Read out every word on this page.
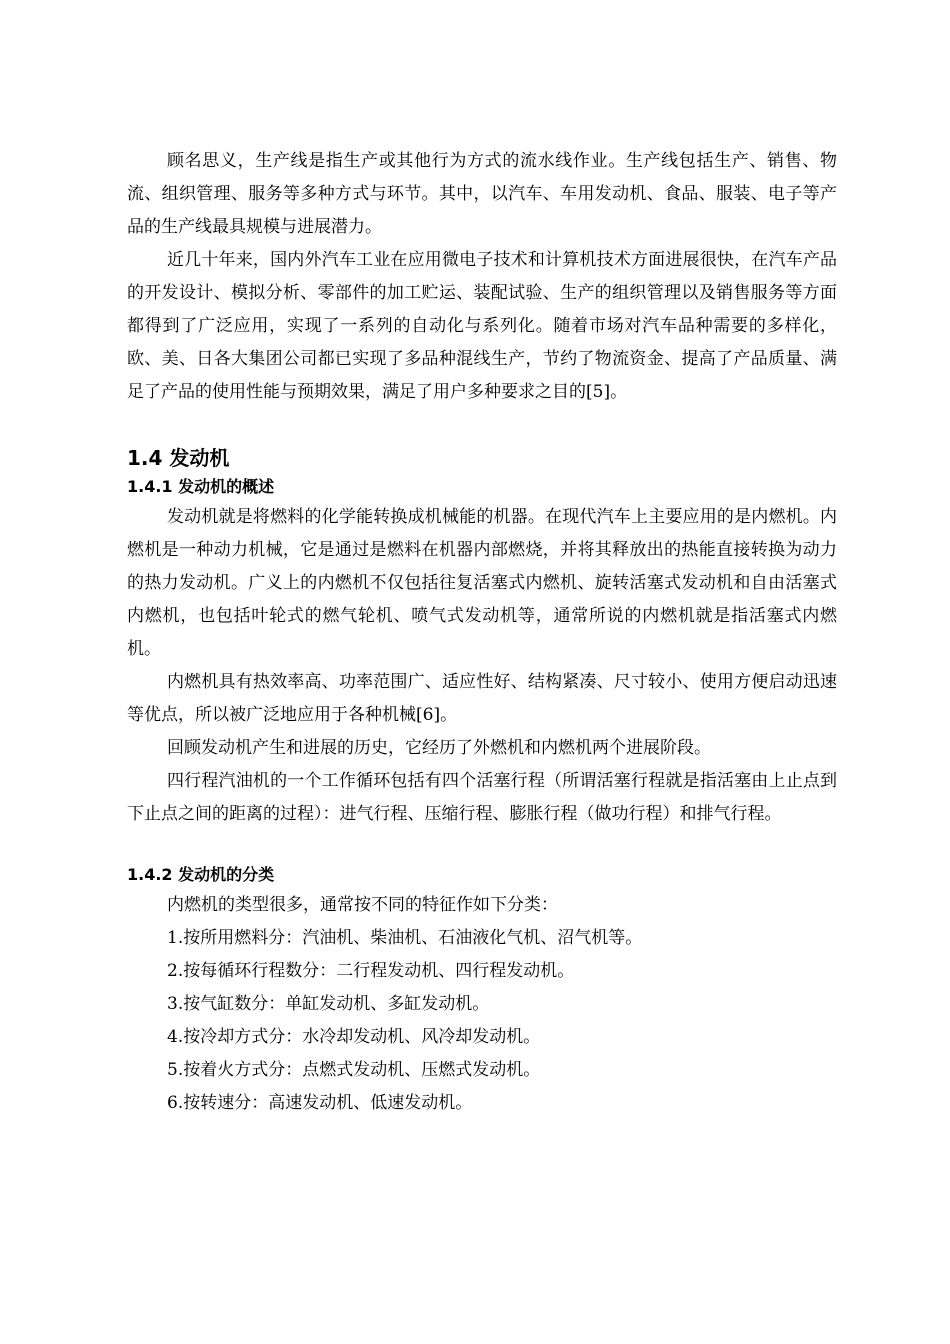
顾名思义，生产线是指生产或其他行为方式的流水线作业。生产线包括生产、销售、物流、组织管理、服务等多种方式与环节。其中，以汽车、车用发动机、食品、服装、电子等产品的生产线最具规模与进展潜力。

近几十年来，国内外汽车工业在应用微电子技术和计算机技术方面进展很快，在汽车产品的开发设计、模拟分析、零部件的加工贮运、装配试验、生产的组织管理以及销售服务等方面都得到了广泛应用，实现了一系列的自动化与系列化。随着市场对汽车品种需要的多样化，欧、美、日各大集团公司都已实现了多品种混线生产，节约了物流资金、提高了产品质量、满足了产品的使用性能与预期效果，满足了用户多种要求之目的[5]。

1.4 发动机
1.4.1 发动机的概述

发动机就是将燃料的化学能转换成机械能的机器。在现代汽车上主要应用的是内燃机。内燃机是一种动力机械，它是通过是燃料在机器内部燃烧，并将其释放出的热能直接转换为动力的热力发动机。广义上的内燃机不仅包括往复活塞式内燃机、旋转活塞式发动机和自由活塞式内燃机，也包括叶轮式的燃气轮机、喷气式发动机等，通常所说的内燃机就是指活塞式内燃机。

内燃机具有热效率高、功率范围广、适应性好、结构紧凑、尺寸较小、使用方便启动迅速等优点，所以被广泛地应用于各种机械[6]。

回顾发动机产生和进展的历史，它经历了外燃机和内燃机两个进展阶段。

四行程汽油机的一个工作循环包括有四个活塞行程（所谓活塞行程就是指活塞由上止点到下止点之间的距离的过程）：进气行程、压缩行程、膨胀行程（做功行程）和排气行程。

1.4.2 发动机的分类

内燃机的类型很多，通常按不同的特征作如下分类：

1.按所用燃料分：汽油机、柴油机、石油液化气机、沼气机等。

2.按每循环行程数分：二行程发动机、四行程发动机。

3.按气缸数分：单缸发动机、多缸发动机。

4.按冷却方式分：水冷却发动机、风冷却发动机。

5.按着火方式分：点燃式发动机、压燃式发动机。

6.按转速分：高速发动机、低速发动机。
